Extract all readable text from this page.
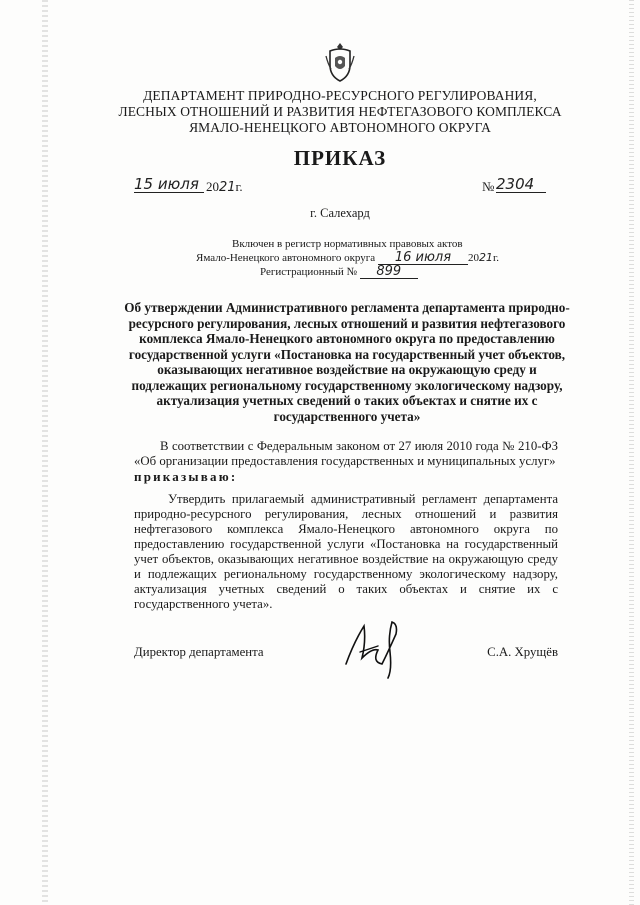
ДЕПАРТАМЕНТ ПРИРОДНО-РЕСУРСНОГО РЕГУЛИРОВАНИЯ,
ЛЕСНЫХ ОТНОШЕНИЙ И РАЗВИТИЯ НЕФТЕГАЗОВОГО КОМПЛЕКСА
ЯМАЛО-НЕНЕЦКОГО АВТОНОМНОГО ОКРУГА
ПРИКАЗ
15 июля 2021г.	№ 2304
г. Салехард
Включен в регистр нормативных правовых актов
Ямало-Ненецкого автономного округа 16 июля 2021г.
Регистрационный № 899
Об утверждении Административного регламента департамента природно-ресурсного регулирования, лесных отношений и развития нефтегазового комплекса Ямало-Ненецкого автономного округа по предоставлению государственной услуги «Постановка на государственный учет объектов, оказывающих негативное воздействие на окружающую среду и подлежащих региональному государственному экологическому надзору, актуализация учетных сведений о таких объектах и снятие их с государственного учета»
В соответствии с Федеральным законом от 27 июля 2010 года № 210-ФЗ «Об организации предоставления государственных и муниципальных услуг»
приказываю:
Утвердить прилагаемый административный регламент департамента природно-ресурсного регулирования, лесных отношений и развития нефтегазового комплекса Ямало-Ненецкого автономного округа по предоставлению государственной услуги «Постановка на государственный учет объектов, оказывающих негативное воздействие на окружающую среду и подлежащих региональному государственному экологическому надзору, актуализация учетных сведений о таких объектах и снятие их с государственного учета».
Директор департамента	С.А. Хрущёв
